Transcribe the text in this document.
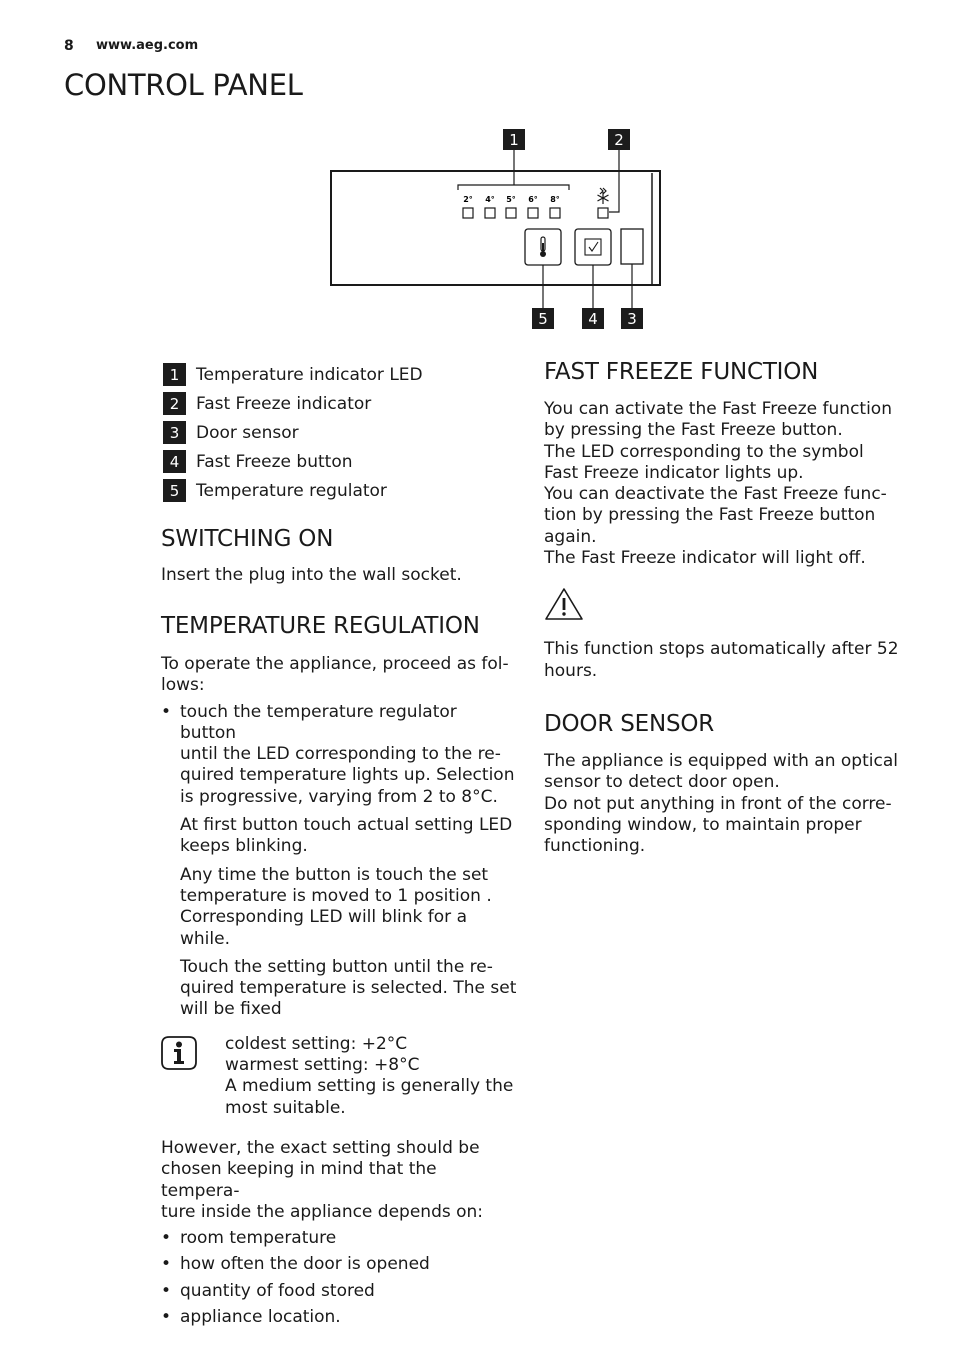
8 www.aeg.com
CONTROL PANEL
2° 4° 5° 6° 8°
1	2
5	4 3
1 Temperature indicator LED
2 Fast Freeze indicator
3 Door sensor
4 Fast Freeze button
5 Temperature regulator
SWITCHING ON

Insert the plug into the wall socket.

TEMPERATURE REGULATION

To operate the appliance, proceed as fol-

lows:

• touch the temperature regulator button
until the LED corresponding to the re-
quired temperature lights up. Selection
is progressive, varying from 2 to 8°C.

At first button touch actual setting LED

keeps blinking.

Any time the button is touch the set

temperature is moved to 1 position .

Corresponding LED will blink for a

while.

Touch the setting button until the re-

quired temperature is selected. The set

will be fixed

coldest setting: +2°C

warmest setting: +8°C

A medium setting is generally the

most suitable.

However, the exact setting should be

chosen keeping in mind that the tempera-

ture inside the appliance depends on:

• room temperature
• how often the door is opened
• quantity of food stored
• appliance location.
FAST FREEZE FUNCTION

You can activate the Fast Freeze function

by pressing the Fast Freeze button.

The LED corresponding to the symbol

Fast Freeze indicator lights up.

You can deactivate the Fast Freeze func-

tion by pressing the Fast Freeze button

again.

The Fast Freeze indicator will light off.

This function stops automatically after 52

hours.

DOOR SENSOR

The appliance is equipped with an optical

sensor to detect door open.

Do not put anything in front of the corre-

sponding window, to maintain proper

functioning.
